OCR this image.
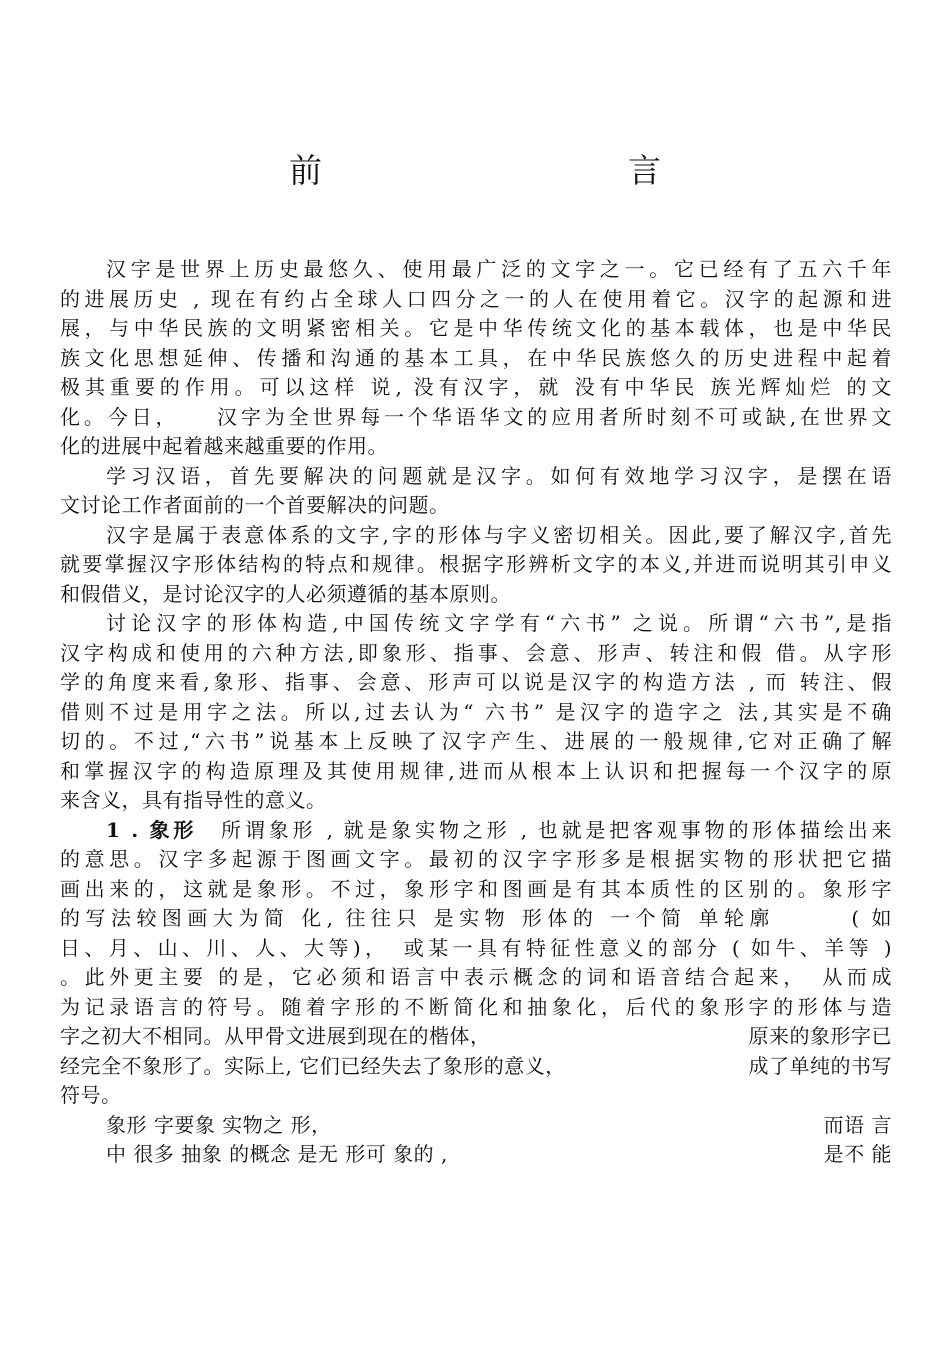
前　　言
汉字是世界上历史最悠久、使用最广泛的文字之一。它已经有了五六千年
的进展历史 , 现在有约占全球人口四分之一的人在使用着它。汉字的起源和进
展，与中华民族的文明紧密相关。它是中华传统文化的基本载体，也是中华民
族文化思想延伸、传播和沟通的基本工具，在中华民族悠久的历史进程中起着
极其重要的作用。可以这样 说, 没有汉字，就 没有中华民 族光辉灿烂 的文
化。今日，　　汉字为全世界每一个华语华文的应用者所时刻不可或缺,在世界文
化的进展中起着越来越重要的作用。
学习汉语，首先要解决的问题就是汉字。如何有效地学习汉字，是摆在语
文讨论工作者面前的一个首要解决的问题。
汉字是属于表意体系的文字,字的形体与字义密切相关。因此,要了解汉字,首先
就要掌握汉字形体结构的特点和规律。根据字形辨析文字的本义,并进而说明其引申义
和假借义，是讨论汉字的人必须遵循的基本原则。
讨论汉字的形体构造,中国传统文字学有“六书” 之说。所谓“六书”,是指
汉字构成和使用的六种方法,即象形、指事、会意、形声、转注和假 借。从字形
学的角度来看,象形、指事、会意、形声可以说是汉字的构造方法 , 而 转注、假
借则不过是用字之法。所以,过去认为“ 六书” 是汉字的造字之 法,其实是不确
切的。不过,“六书”说基本上反映了汉字产生、进展的一般规律,它对正确了解
和掌握汉字的构造原理及其使用规律,进而从根本上认识和把握每一个汉字的原
来含义，具有指导性的意义。
1 . 象形　 所谓象形 , 就是象实物之形 , 也就是把客观事物的形体描绘出来
的意思。汉字多起源于图画文字。最初的汉字字形多是根据实物的形状把它描
画出来的，这就是象形。不过，象形字和图画是有其本质性的区别的。象形字
的写法较图画大为简 化, 往往只 是实物 形体的 一个简 单轮廓　　　( 如
日、月、山、川、人、大等)，　或某一具有特征性意义的部分 ( 如牛、羊等 )
。此外更主要 的是，它必须和语言中表示概念的词和语音结合起来，　从而成
为记录语言的符号。随着字形的不断简化和抽象化，后代的象形字的形体与造
字之初大不相同。从甲骨文进展到现在的楷体，	原来的象形字已
经完全不象形了。实际上, 它们已经失去了象形的意义，	成了单纯的书写
符号。
象形 字要象 实物之 形，	而语 言
中 很多 抽象 的概念 是无 形可 象的 ,	是不 能
